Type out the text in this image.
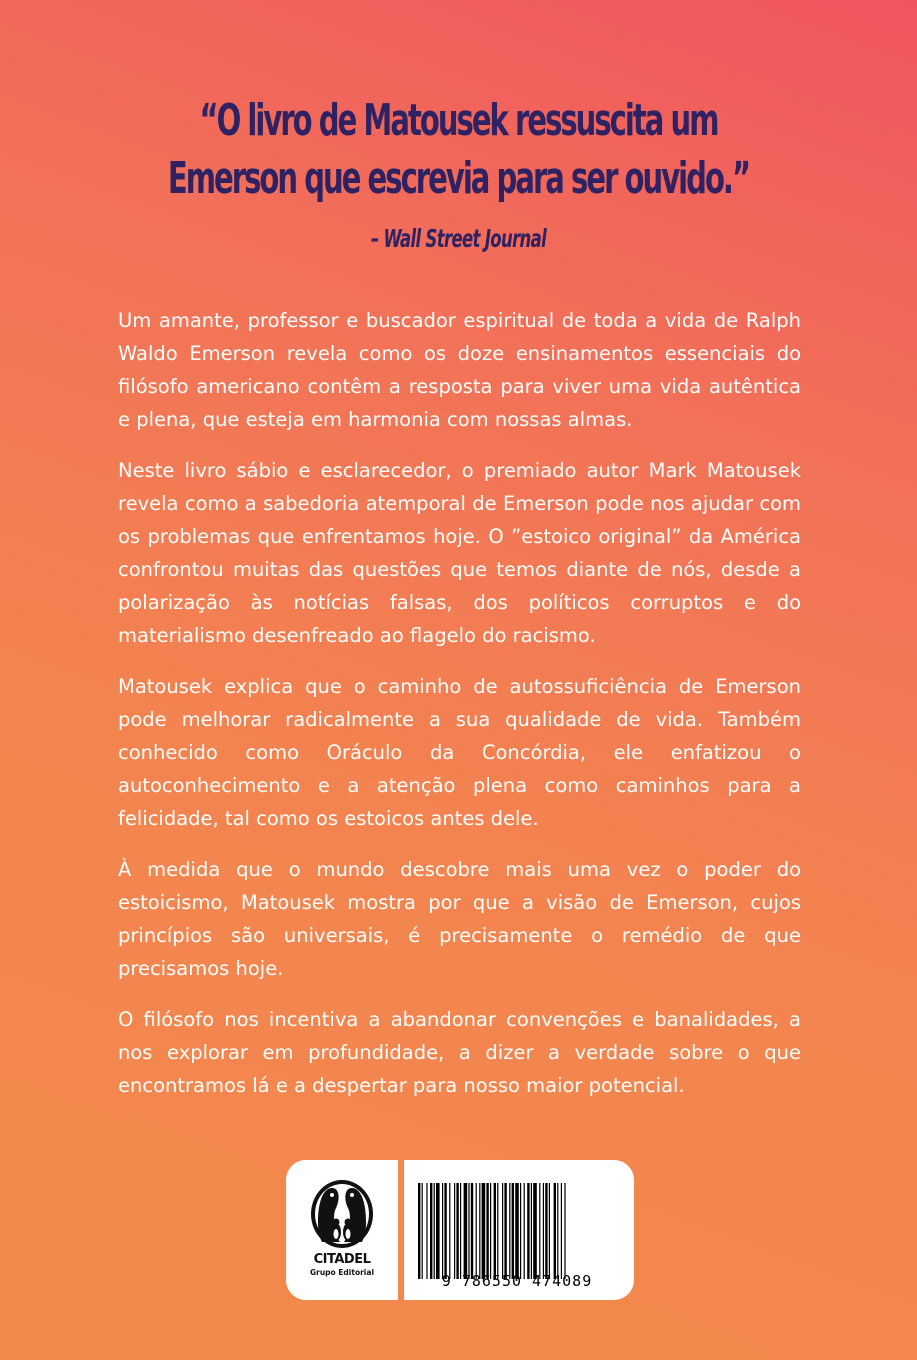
“O livro de Matousek ressuscita um
Emerson que escrevia para ser ouvido.”
– Wall Street Journal

Um amante, professor e buscador espiritual de toda a vida de Ralph Waldo Emerson revela como os doze ensinamentos essenciais do filósofo americano contêm a resposta para viver uma vida autêntica e plena, que esteja em harmonia com nossas almas.

Neste livro sábio e esclarecedor, o premiado autor Mark Matousek revela como a sabedoria atemporal de Emerson pode nos ajudar com os problemas que enfrentamos hoje. O ”estoico original” da América confrontou muitas das questões que temos diante de nós, desde a polarização às notícias falsas, dos políticos corruptos e do materialismo desenfreado ao flagelo do racismo.

Matousek explica que o caminho de autossuficiência de Emerson pode melhorar radicalmente a sua qualidade de vida. Também conhecido como Oráculo da Concórdia, ele enfatizou o autoconhecimento e a atenção plena como caminhos para a felicidade, tal como os estoicos antes dele.

À medida que o mundo descobre mais uma vez o poder do estoicismo, Matousek mostra por que a visão de Emerson, cujos princípios são universais, é precisamente o remédio de que precisamos hoje.

O filósofo nos incentiva a abandonar convenções e banalidades, a nos explorar em profundidade, a dizer a verdade sobre o que encontramos lá e a despertar para nosso maior potencial.

CITADEL
Grupo Editorial	9 786550 474089
